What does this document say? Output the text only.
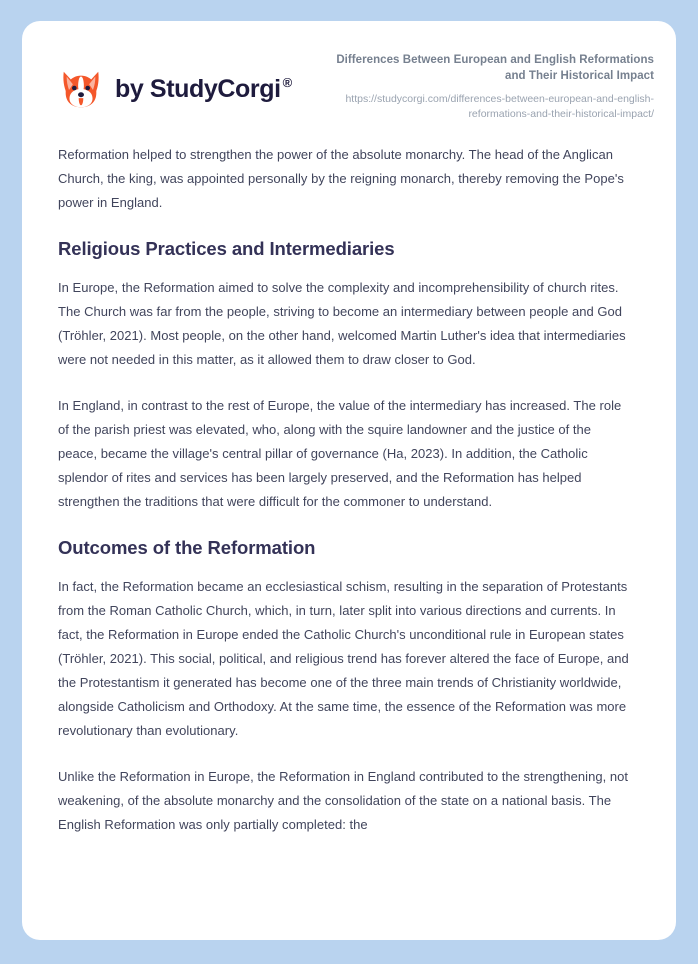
by StudyCorgi ®
Differences Between European and English Reformations and Their Historical Impact
https://studycorgi.com/differences-between-european-and-english-reformations-and-their-historical-impact/

Reformation helped to strengthen the power of the absolute monarchy. The head of the Anglican Church, the king, was appointed personally by the reigning monarch, thereby removing the Pope's power in England.

Religious Practices and Intermediaries

In Europe, the Reformation aimed to solve the complexity and incomprehensibility of church rites. The Church was far from the people, striving to become an intermediary between people and God (Tröhler, 2021). Most people, on the other hand, welcomed Martin Luther's idea that intermediaries were not needed in this matter, as it allowed them to draw closer to God.

In England, in contrast to the rest of Europe, the value of the intermediary has increased. The role of the parish priest was elevated, who, along with the squire landowner and the justice of the peace, became the village's central pillar of governance (Ha, 2023). In addition, the Catholic splendor of rites and services has been largely preserved, and the Reformation has helped strengthen the traditions that were difficult for the commoner to understand.

Outcomes of the Reformation

In fact, the Reformation became an ecclesiastical schism, resulting in the separation of Protestants from the Roman Catholic Church, which, in turn, later split into various directions and currents. In fact, the Reformation in Europe ended the Catholic Church's unconditional rule in European states (Tröhler, 2021). This social, political, and religious trend has forever altered the face of Europe, and the Protestantism it generated has become one of the three main trends of Christianity worldwide, alongside Catholicism and Orthodoxy. At the same time, the essence of the Reformation was more revolutionary than evolutionary.

Unlike the Reformation in Europe, the Reformation in England contributed to the strengthening, not weakening, of the absolute monarchy and the consolidation of the state on a national basis. The English Reformation was only partially completed: the
